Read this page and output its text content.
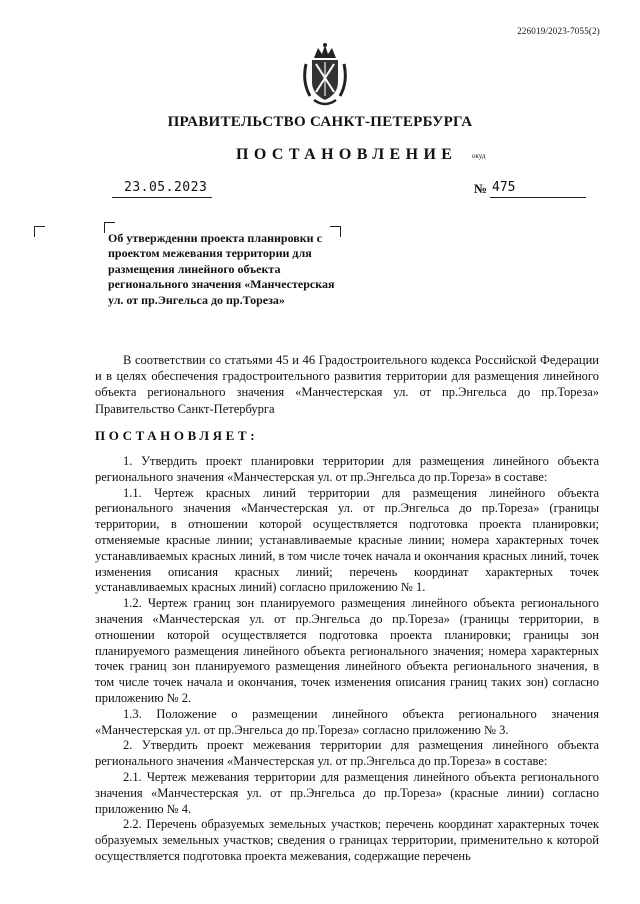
226019/2023-7055(2)
ПРАВИТЕЛЬСТВО САНКТ-ПЕТЕРБУРГА
ПОСТАНОВЛЕНИЕ окуд
23.05.2023	№ 475
Об утверждении проекта планировки с проектом межевания территории для размещения линейного объекта регионального значения «Манчестерская ул. от пр.Энгельса до пр.Тореза»
В соответствии со статьями 45 и 46 Градостроительного кодекса Российской Федерации и в целях обеспечения градостроительного развития территории для размещения линейного объекта регионального значения «Манчестерская ул. от пр.Энгельса до пр.Тореза» Правительство Санкт-Петербурга
ПОСТАНОВЛЯЕТ:

1. Утвердить проект планировки территории для размещения линейного объекта регионального значения «Манчестерская ул. от пр.Энгельса до пр.Тореза» в составе:

1.1. Чертеж красных линий территории для размещения линейного объекта регионального значения «Манчестерская ул. от пр.Энгельса до пр.Тореза» (границы территории, в отношении которой осуществляется подготовка проекта планировки; отменяемые красные линии; устанавливаемые красные линии; номера характерных точек устанавливаемых красных линий, в том числе точек начала и окончания красных линий, точек изменения описания красных линий; перечень координат характерных точек устанавливаемых красных линий) согласно приложению № 1.

1.2. Чертеж границ зон планируемого размещения линейного объекта регионального значения «Манчестерская ул. от пр.Энгельса до пр.Тореза» (границы территории, в отношении которой осуществляется подготовка проекта планировки; границы зон планируемого размещения линейного объекта регионального значения; номера характерных точек границ зон планируемого размещения линейного объекта регионального значения, в том числе точек начала и окончания, точек изменения описания границ таких зон) согласно приложению № 2.

1.3. Положение о размещении линейного объекта регионального значения «Манчестерская ул. от пр.Энгельса до пр.Тореза» согласно приложению № 3.

2. Утвердить проект межевания территории для размещения линейного объекта регионального значения «Манчестерская ул. от пр.Энгельса до пр.Тореза» в составе:

2.1. Чертеж межевания территории для размещения линейного объекта регионального значения «Манчестерская ул. от пр.Энгельса до пр.Тореза» (красные линии) согласно приложению № 4.

2.2. Перечень образуемых земельных участков; перечень координат характерных точек образуемых земельных участков; сведения о границах территории, применительно к которой осуществляется подготовка проекта межевания, содержащие перечень
